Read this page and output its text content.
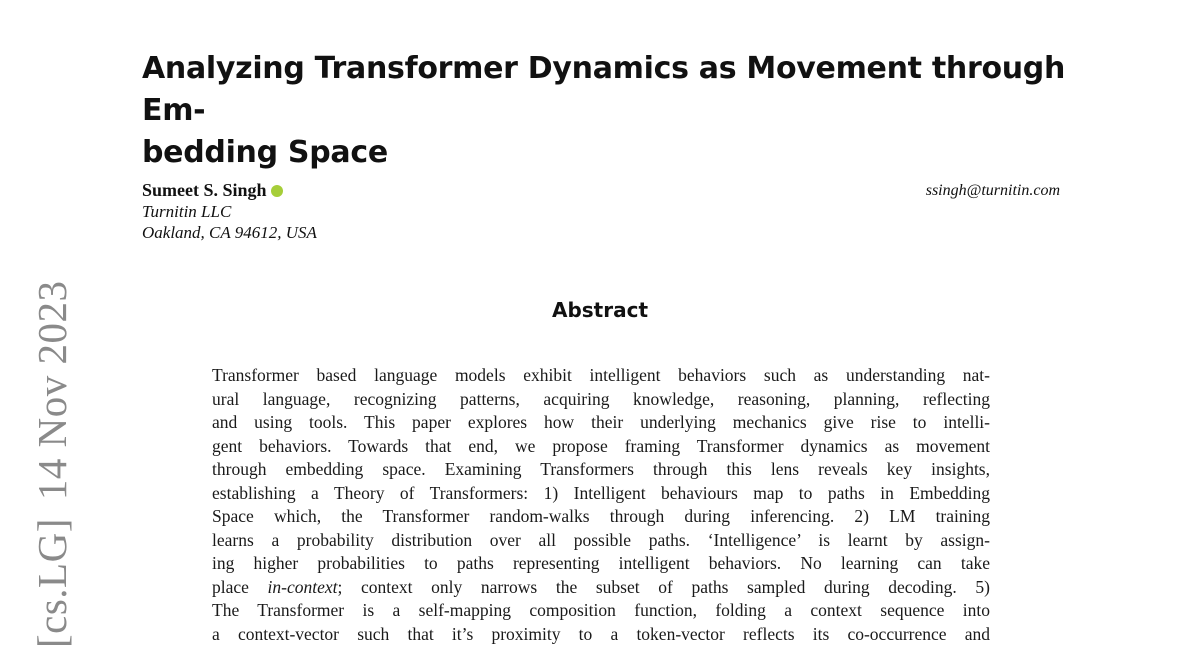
[cs.LG]14 Nov 2023
Analyzing Transformer Dynamics as Movement through Em-
bedding Space
Sumeet S. Singh
Turnitin LLC
Oakland, CA 94612, USA
ssingh@turnitin.com
Abstract
Transformer based language models exhibit intelligent behaviors such as understanding nat-
ural language, recognizing patterns, acquiring knowledge, reasoning, planning, reflecting
and using tools. This paper explores how their underlying mechanics give rise to intelli-
gent behaviors. Towards that end, we propose framing Transformer dynamics as movement
through embedding space. Examining Transformers through this lens reveals key insights,
establishing a Theory of Transformers: 1) Intelligent behaviours map to paths in Embedding
Space which, the Transformer random-walks through during inferencing. 2) LM training
learns a probability distribution over all possible paths. ‘Intelligence’ is learnt by assign-
ing higher probabilities to paths representing intelligent behaviors. No learning can take
place in-context; context only narrows the subset of paths sampled during decoding. 5)
The Transformer is a self-mapping composition function, folding a context sequence into
a context-vector such that it’s proximity to a token-vector reflects its co-occurrence and
